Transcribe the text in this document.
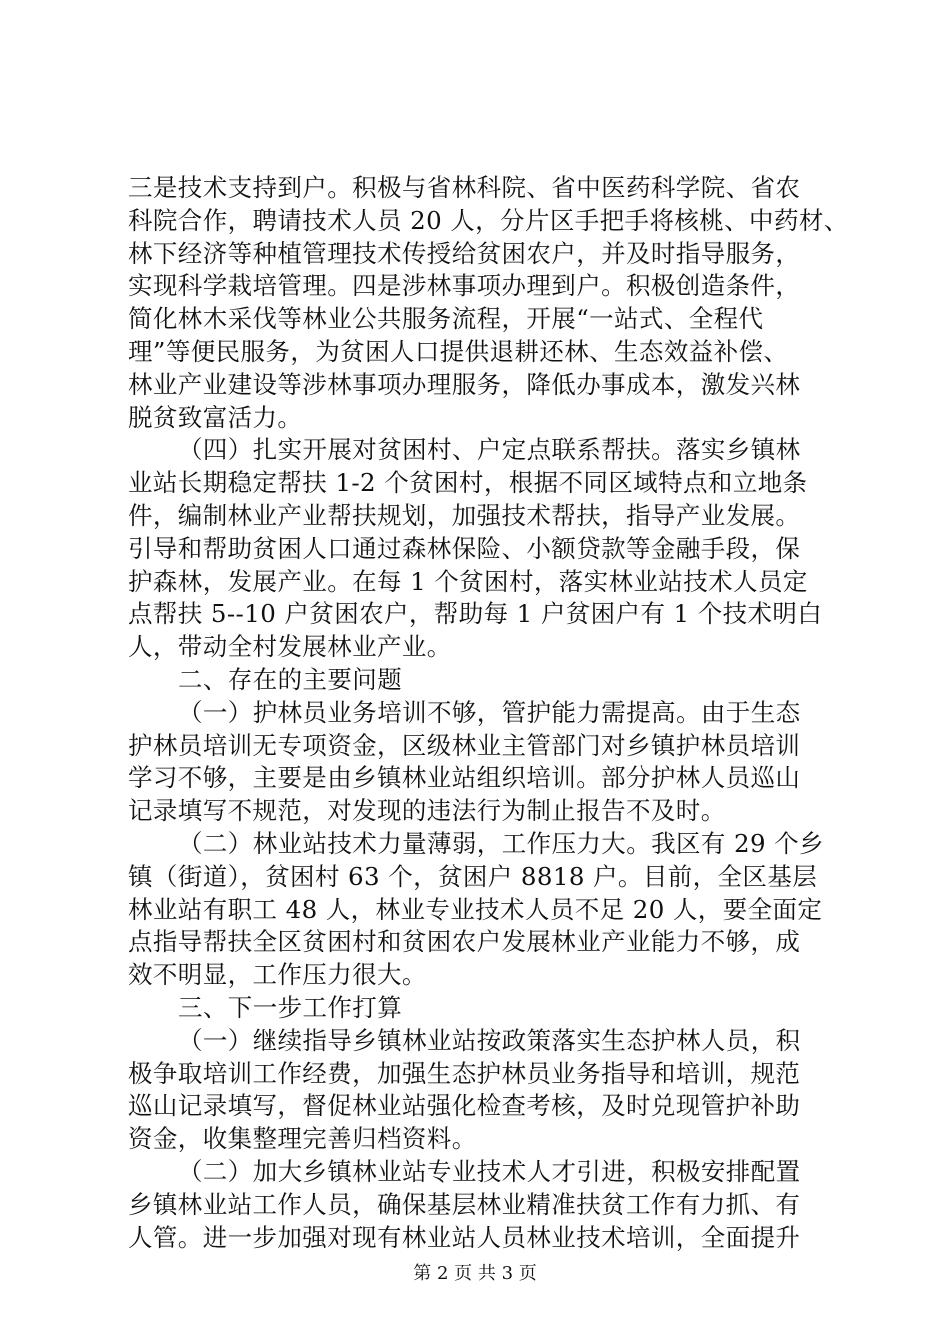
三是技术支持到户。积极与省林科院、省中医药科学院、省农
科院合作，聘请技术人员 20 人，分片区手把手将核桃、中药材、
林下经济等种植管理技术传授给贫困农户，并及时指导服务，
实现科学栽培管理。四是涉林事项办理到户。积极创造条件，
简化林木采伐等林业公共服务流程，开展“一站式、全程代
理”等便民服务，为贫困人口提供退耕还林、生态效益补偿、
林业产业建设等涉林事项办理服务，降低办事成本，激发兴林
脱贫致富活力。
（四）扎实开展对贫困村、户定点联系帮扶。落实乡镇林
业站长期稳定帮扶 1-2 个贫困村，根据不同区域特点和立地条
件，编制林业产业帮扶规划，加强技术帮扶，指导产业发展。
引导和帮助贫困人口通过森林保险、小额贷款等金融手段，保
护森林，发展产业。在每 1 个贫困村，落实林业站技术人员定
点帮扶 5--10 户贫困农户，帮助每 1 户贫困户有 1 个技术明白
人，带动全村发展林业产业。
二、存在的主要问题
（一）护林员业务培训不够，管护能力需提高。由于生态
护林员培训无专项资金，区级林业主管部门对乡镇护林员培训
学习不够，主要是由乡镇林业站组织培训。部分护林人员巡山
记录填写不规范，对发现的违法行为制止报告不及时。
（二）林业站技术力量薄弱，工作压力大。我区有 29 个乡
镇（街道），贫困村 63 个，贫困户 8818 户。目前，全区基层
林业站有职工 48 人，林业专业技术人员不足 20 人，要全面定
点指导帮扶全区贫困村和贫困农户发展林业产业能力不够，成
效不明显，工作压力很大。
三、下一步工作打算
（一）继续指导乡镇林业站按政策落实生态护林人员，积
极争取培训工作经费，加强生态护林员业务指导和培训，规范
巡山记录填写，督促林业站强化检查考核，及时兑现管护补助
资金，收集整理完善归档资料。
（二）加大乡镇林业站专业技术人才引进，积极安排配置
乡镇林业站工作人员，确保基层林业精准扶贫工作有力抓、有
人管。进一步加强对现有林业站人员林业技术培训，全面提升
第 2 页 共 3 页
